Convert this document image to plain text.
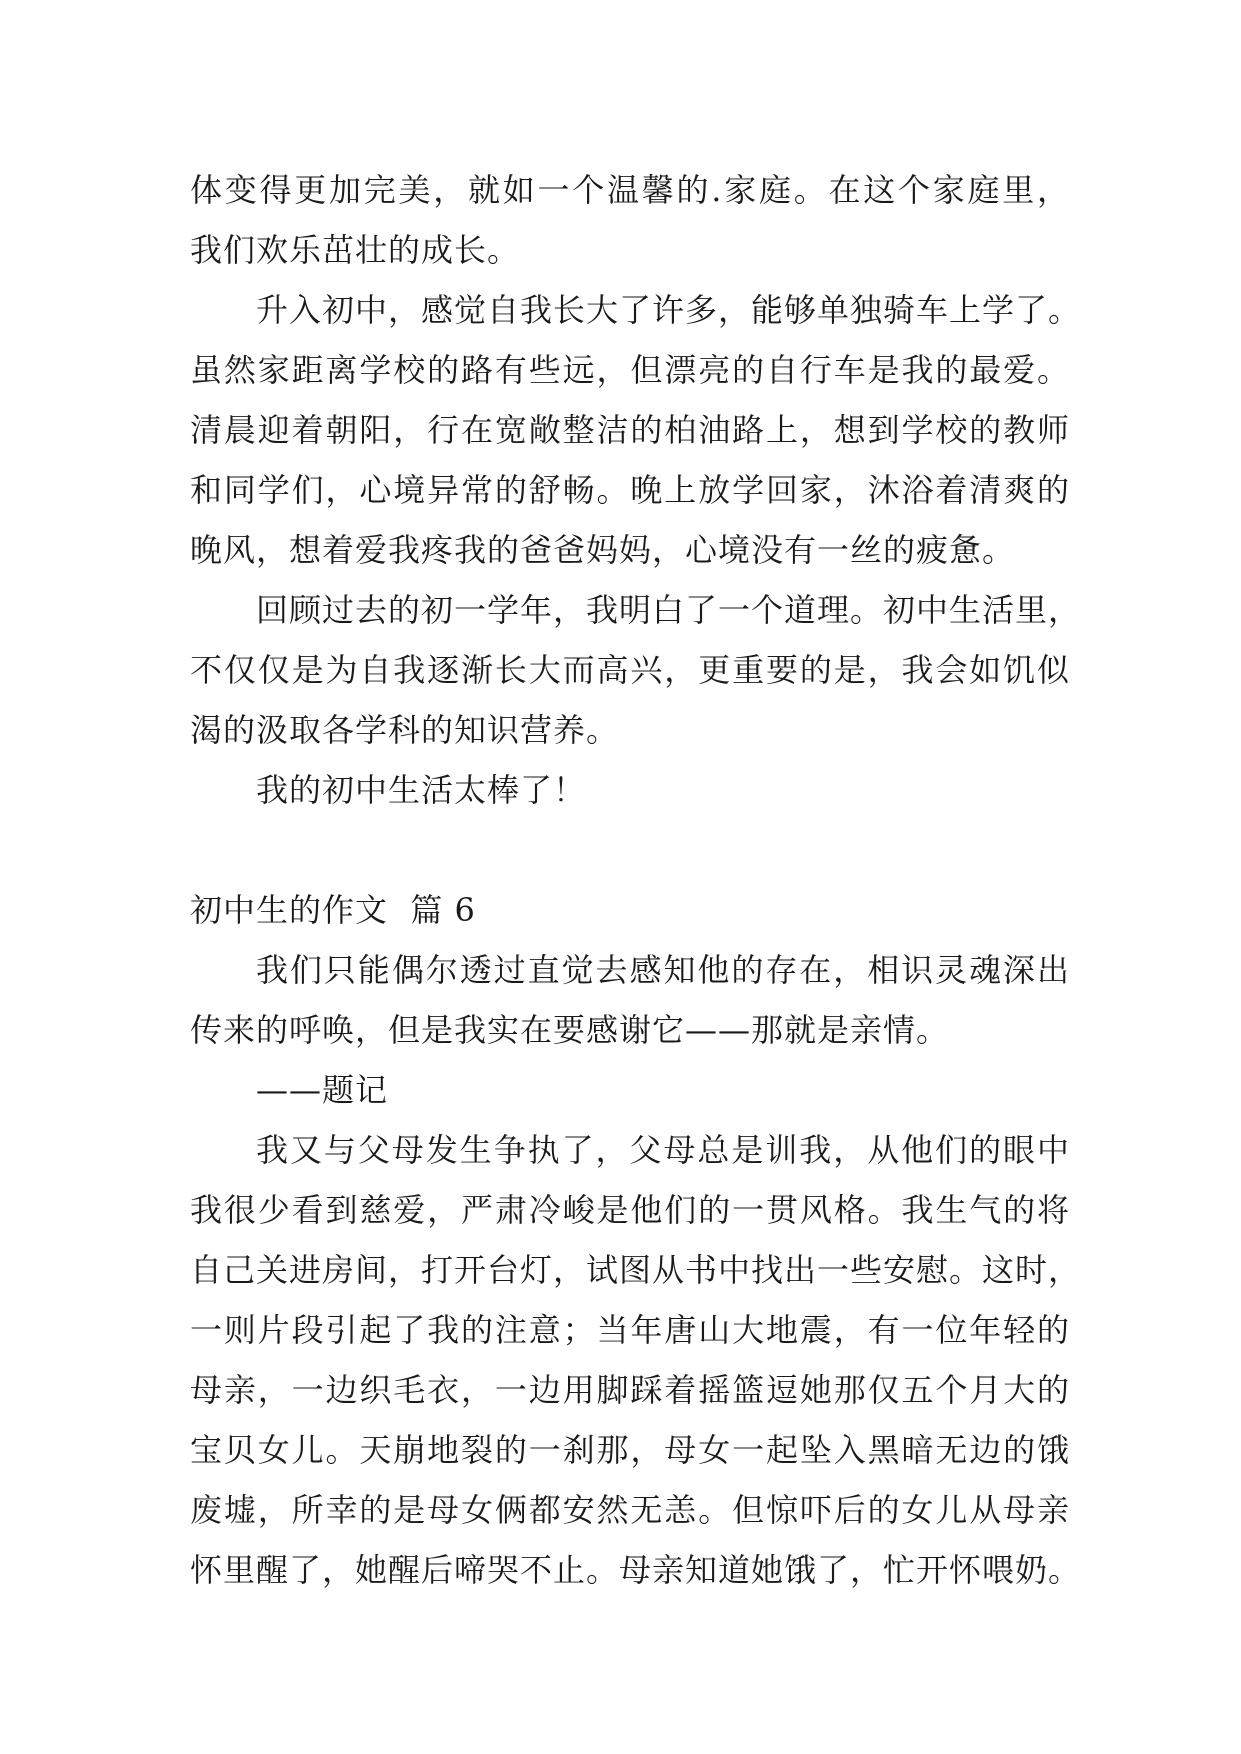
体变得更加完美，就如一个温馨的.家庭。在这个家庭里，
我们欢乐茁壮的成长。
升入初中，感觉自我长大了许多，能够单独骑车上学了。
虽然家距离学校的路有些远，但漂亮的自行车是我的最爱。
清晨迎着朝阳，行在宽敞整洁的柏油路上，想到学校的教师
和同学们，心境异常的舒畅。晚上放学回家，沐浴着清爽的
晚风，想着爱我疼我的爸爸妈妈，心境没有一丝的疲惫。
回顾过去的初一学年，我明白了一个道理。初中生活里，
不仅仅是为自我逐渐长大而高兴，更重要的是，我会如饥似
渴的汲取各学科的知识营养。
我的初中生活太棒了！
初中生的作文  篇 6
我们只能偶尔透过直觉去感知他的存在，相识灵魂深出
传来的呼唤，但是我实在要感谢它——那就是亲情。
——题记
我又与父母发生争执了，父母总是训我，从他们的眼中
我很少看到慈爱，严肃冷峻是他们的一贯风格。我生气的将
自己关进房间，打开台灯，试图从书中找出一些安慰。这时，
一则片段引起了我的注意；当年唐山大地震，有一位年轻的
母亲，一边织毛衣，一边用脚踩着摇篮逗她那仅五个月大的
宝贝女儿。天崩地裂的一刹那，母女一起坠入黑暗无边的饿
废墟，所幸的是母女俩都安然无恙。但惊吓后的女儿从母亲
怀里醒了，她醒后啼哭不止。母亲知道她饿了，忙开怀喂奶。
